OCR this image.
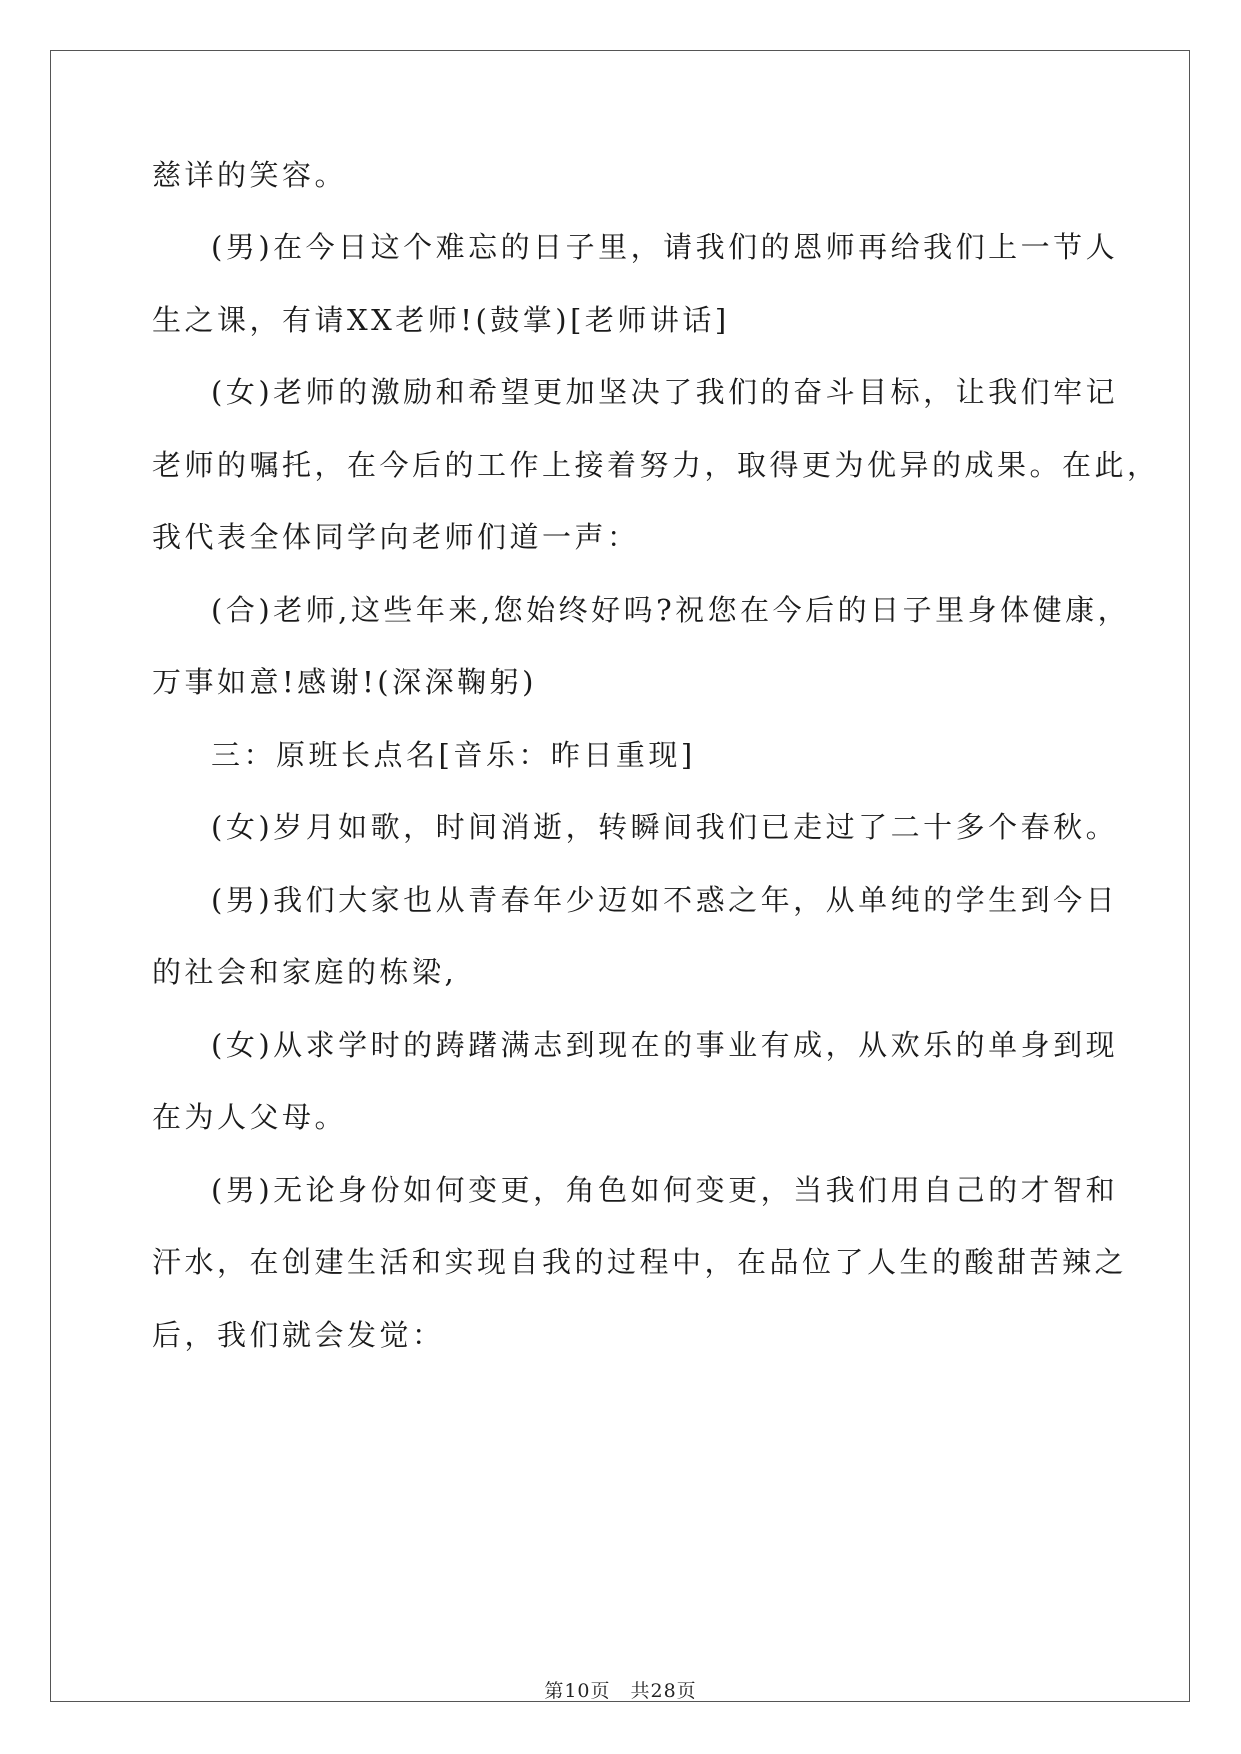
慈详的笑容。
(男)在今日这个难忘的日子里，请我们的恩师再给我们上一节人
生之课，有请XX老师!(鼓掌)[老师讲话]
(女)老师的激励和希望更加坚决了我们的奋斗目标，让我们牢记
老师的嘱托，在今后的工作上接着努力，取得更为优异的成果。在此，
我代表全体同学向老师们道一声：
(合)老师,这些年来,您始终好吗?祝您在今后的日子里身体健康，
万事如意!感谢!(深深鞠躬)
三：原班长点名[音乐：昨日重现]
(女)岁月如歌，时间消逝，转瞬间我们已走过了二十多个春秋。
(男)我们大家也从青春年少迈如不惑之年，从单纯的学生到今日
的社会和家庭的栋梁,
(女)从求学时的踌躇满志到现在的事业有成，从欢乐的单身到现
在为人父母。
(男)无论身份如何变更，角色如何变更，当我们用自己的才智和
汗水，在创建生活和实现自我的过程中，在品位了人生的酸甜苦辣之
后，我们就会发觉：
第10页　共28页
